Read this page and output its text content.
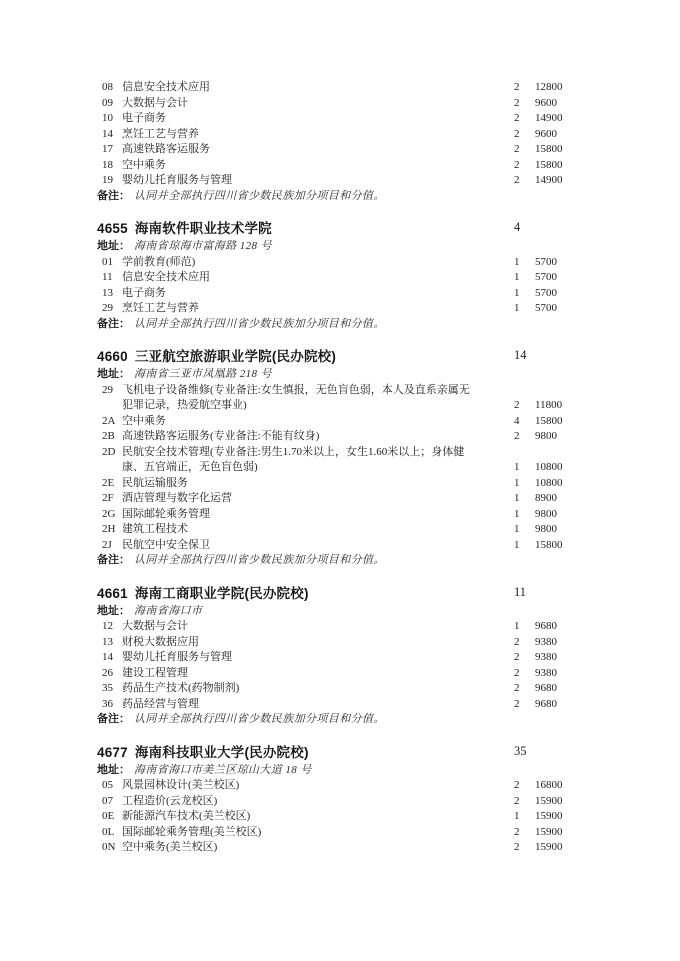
08 信息安全技术应用	2	12800
09 大数据与会计	2	9600
10 电子商务	2	14900
14 烹饪工艺与营养	2	9600
17 高速铁路客运服务	2	15800
18 空中乘务	2	15800
19 婴幼儿托育服务与管理	2	14900
备注： 认同并全部执行四川省少数民族加分项目和分值。
4655 海南软件职业技术学院	4
地址： 海南省琼海市富海路 128 号
01 学前教育(师范)	1	5700
11 信息安全技术应用	1	5700
13 电子商务	1	5700
29 烹饪工艺与营养	1	5700
备注： 认同并全部执行四川省少数民族加分项目和分值。
4660 三亚航空旅游职业学院(民办院校)	14
地址： 海南省三亚市凤凰路 218 号
29 飞机电子设备维修(专业备注:女生慎报，无色盲色弱，本人及直系亲属无犯罪记录，热爱航空事业)	2	11800
2A 空中乘务	4	15800
2B 高速铁路客运服务(专业备注:不能有纹身)	2	9800
2D 民航安全技术管理(专业备注:男生1.70米以上，女生1.60米以上；身体健康、五官端正，无色盲色弱)	1	10800
2E 民航运输服务	1	10800
2F 酒店管理与数字化运营	1	8900
2G 国际邮轮乘务管理	1	9800
2H 建筑工程技术	1	9800
2J 民航空中安全保卫	1	15800
备注： 认同并全部执行四川省少数民族加分项目和分值。
4661 海南工商职业学院(民办院校)	11
地址： 海南省海口市
12 大数据与会计	1	9680
13 财税大数据应用	2	9380
14 婴幼儿托育服务与管理	2	9380
26 建设工程管理	2	9380
35 药品生产技术(药物制剂)	2	9680
36 药品经营与管理	2	9680
备注： 认同并全部执行四川省少数民族加分项目和分值。
4677 海南科技职业大学(民办院校)	35
地址： 海南省海口市美兰区琼山大道 18 号
05 风景园林设计(美兰校区)	2	16800
07 工程造价(云龙校区)	2	15900
0E 新能源汽车技术(美兰校区)	1	15900
0L 国际邮轮乘务管理(美兰校区)	2	15900
0N 空中乘务(美兰校区)	2	15900
